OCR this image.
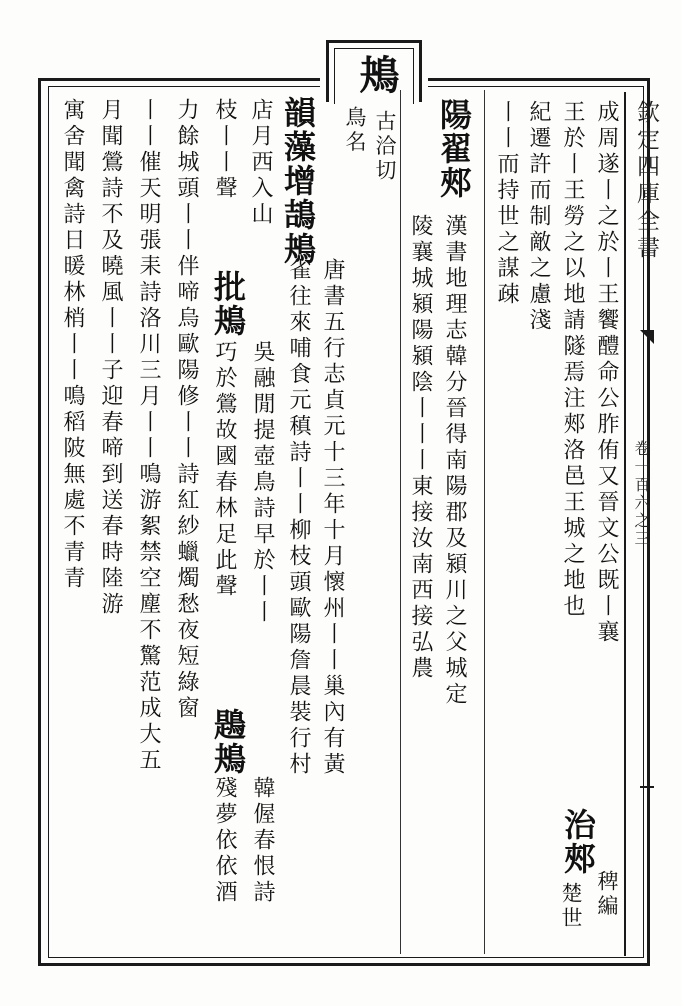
欽定四庫全書
卷一百六之三
成周遂丨之於丨王饗醴命公胙侑又晉文公既丨襄
王於丨王勞之以地請隧焉注郟洛邑王城之地也
治郟
稗編
紀遷許而制敵之慮淺
楚世
丨丨而持世之謀疎
陽翟郟
漢書地理志韓分晉得南陽郡及潁川之父城定
陵襄城潁陽潁陰丨丨丨東接汝南西接弘農
鴂
古洽切
鳥名
韻藻增鴶鴂
唐書五行志貞元十三年十月懷州丨丨巢內有黃
雀往來哺食元稹詩丨丨柳枝頭歐陽詹晨裝行村
店月西入山
批鴂
吳融閒提壺鳥詩早於丨丨
鶗鴂
韓偓春恨詩
枝丨丨聲
巧於鶯故國春林足此聲
殘夢依依酒
力餘城頭丨丨伴啼烏歐陽修丨丨詩紅紗蠟燭愁夜短綠窗
丨丨催天明張耒詩洛川三月丨丨鳴游絮禁空塵不驚范成大五
月聞鶯詩不及曉風丨丨子迎春啼到送春時陸游
寓舍聞禽詩日暖林梢丨丨鳴稻陂無處不青青
